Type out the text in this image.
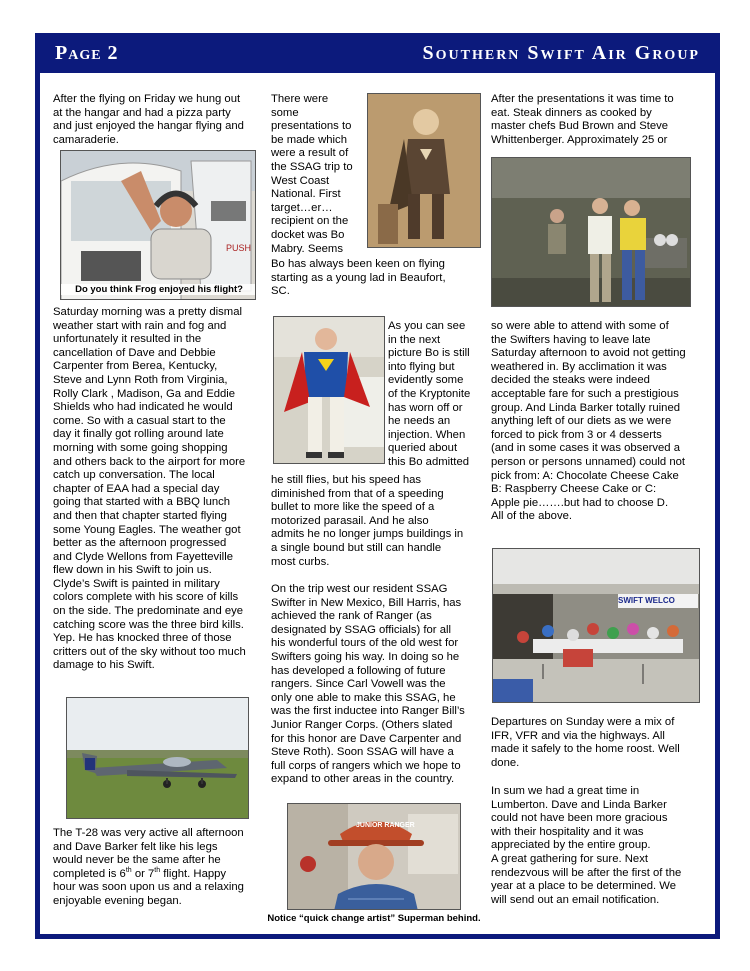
Page 2	Southern Swift Air Group
After the flying on Friday we hung out
at the hangar and had a pizza party
and just enjoyed the hangar flying and
camaraderie.
PUSH
Do you think Frog enjoyed his flight?
Saturday morning was a pretty dismal
weather start with rain and fog and
unfortunately it resulted in the
cancellation of Dave and Debbie
Carpenter from Berea, Kentucky,
Steve and Lynn Roth from Virginia,
Rolly Clark , Madison, Ga and Eddie
Shields who had indicated he would
come. So with a casual start to the
day it finally got rolling around late
morning with some going shopping
and others back to the airport for more
catch up conversation. The local
chapter of EAA had a special day
going that started with a BBQ lunch
and then that chapter started flying
some Young Eagles. The weather got
better as the afternoon progressed
and Clyde Wellons from Fayetteville
flew down in his Swift to join us.
Clyde’s Swift is painted in military
colors complete with his score of kills
on the side. The predominate and eye
catching score was the three bird kills.
Yep. He has knocked three of those
critters out of the sky without too much
damage to his Swift.
The T-28 was very active all afternoon
and Dave Barker felt like his legs
would never be the same after he
completed is 6th or 7th flight. Happy
hour was soon upon us and a relaxing
enjoyable evening began.
There were
some
presentations to
be made which
were a result of
the SSAG trip to
West Coast
National. First
target…er…
recipient on the
docket was Bo
Mabry. Seems
Bo has always been keen on flying
starting as a young lad in Beaufort,
SC.
As you can see
in the next
picture Bo is still
into flying but
evidently some
of the Kryptonite
has worn off or
he needs an
injection. When
queried about
this Bo admitted
he still flies, but his speed has
diminished from that of a speeding
bullet to more like the speed of a
motorized parasail. And he also
admits he no longer jumps buildings in
a single bound but still can handle
most curbs.
On the trip west our resident SSAG
Swifter in New Mexico, Bill Harris, has
achieved the rank of Ranger (as
designated by SSAG officials) for all
his wonderful tours of the old west for
Swifters going his way. In doing so he
has developed a following of future
rangers. Since Carl Vowell was the
only one able to make this SSAG, he
was the first inductee into Ranger Bill’s
Junior Ranger Corps. (Others slated
for this honor are Dave Carpenter and
Steve Roth). Soon SSAG will have a
full corps of rangers which we hope to
expand to other areas in the country.
JUNIOR RANGER
Notice “quick change artist” Superman behind.
After the presentations it was time to
eat. Steak dinners as cooked by
master chefs Bud Brown and Steve
Whittenberger. Approximately 25 or
so were able to attend with some of
the Swifters having to leave late
Saturday afternoon to avoid not getting
weathered in. By acclimation it was
decided the steaks were indeed
acceptable fare for such a prestigious
group. And Linda Barker totally ruined
anything left of our diets as we were
forced to pick from 3 or 4 desserts
(and in some cases it was observed a
person or persons unnamed) could not
pick from: A: Chocolate Cheese Cake
B: Raspberry Cheese Cake or C:
Apple pie…….but had to choose D.
All of the above.
SWIFT WELCO
Departures on Sunday were a mix of
IFR, VFR and via the highways. All
made it safely to the home roost. Well
done.
In sum we had a great time in
Lumberton. Dave and Linda Barker
could not have been more gracious
with their hospitality and it was
appreciated by the entire group.
A great gathering for sure. Next
rendezvous will be after the first of the
year at a place to be determined. We
will send out an email notification.
